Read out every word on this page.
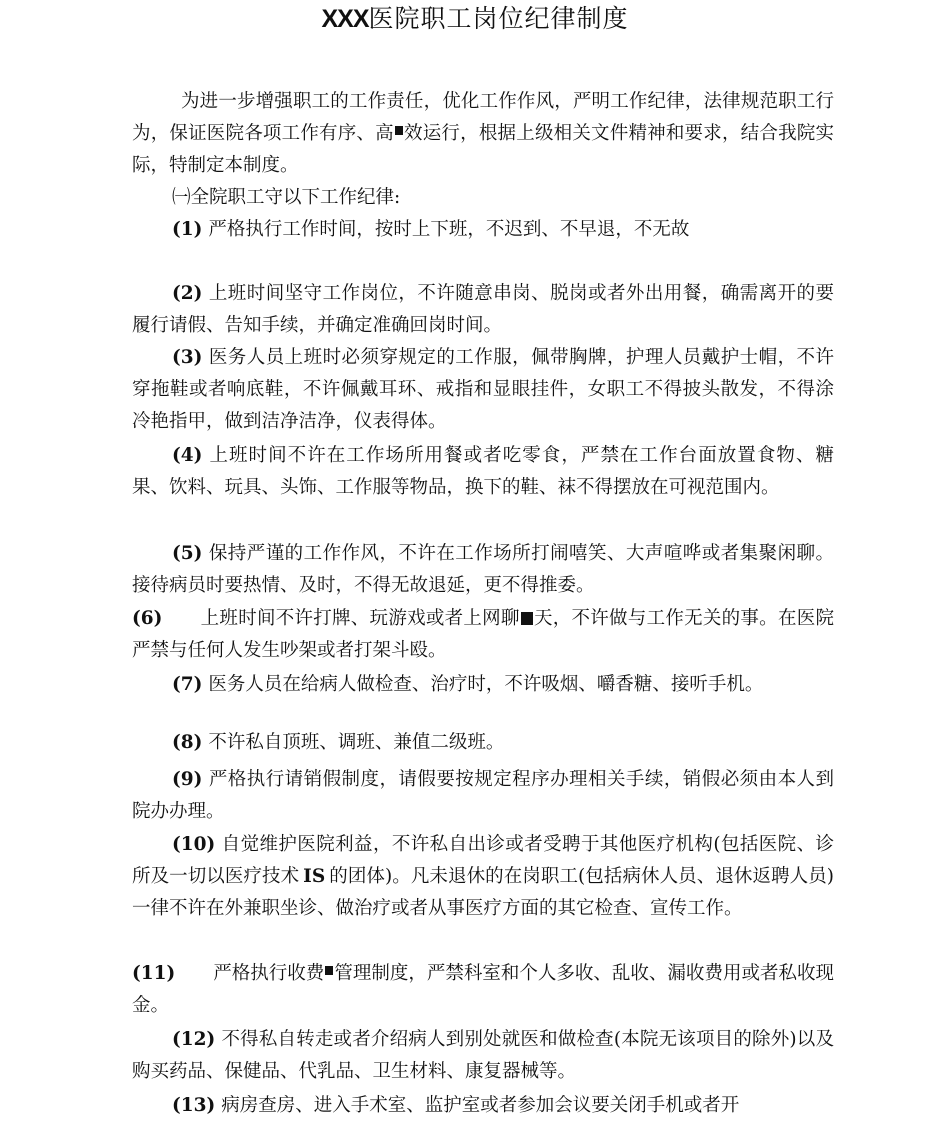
XXX医院职工岗位纪律制度
为进一步增强职工的工作责任，优化工作作风，严明工作纪律，法律规范职工行为，保证医院各项工作有序、高 效运行，根据上级相关文件精神和要求，结合我院实际，特制定本制度。
㈠全院职工守以下工作纪律:
(1) 严格执行工作时间，按时上下班，不迟到、不早退，不无故
(2) 上班时间坚守工作岗位，不许随意串岗、脱岗或者外出用餐，确需离开的要履行请假、告知手续，并确定准确回岗时间。
(3) 医务人员上班时必须穿规定的工作服，佩带胸牌，护理人员戴护士帽，不许穿拖鞋或者响底鞋，不许佩戴耳环、戒指和显眼挂件，女职工不得披头散发，不得涂冷艳指甲，做到洁净洁净，仪表得体。
(4) 上班时间不许在工作场所用餐或者吃零食，严禁在工作台面放置食物、糖果、饮料、玩具、头饰、工作服等物品，换下的鞋、袜不得摆放在可视范围内。
(5) 保持严谨的工作作风，不许在工作场所打闹嘻笑、大声喧哗或者集聚闲聊。接待病员时要热情、及时，不得无故退延，更不得推委。
(6) 上班时间不许打牌、玩游戏或者上网聊 天，不许做与工作无关的事。在医院严禁与任何人发生吵架或者打架斗殴。
(7) 医务人员在给病人做检查、治疗时，不许吸烟、嚼香糖、接听手机。
(8) 不许私自顶班、调班、兼值二级班。
(9) 严格执行请销假制度，请假要按规定程序办理相关手续，销假必须由本人到院办办理。
(10) 自觉维护医院利益，不许私自出诊或者受聘于其他医疗机构(包括医院、诊所及一切以医疗技术 IS 的团体)。凡未退休的在岗职工(包括病休人员、退休返聘人员)一律不许在外兼职坐诊、做治疗或者从事医疗方面的其它检查、宣传工作。
(11) 严格执行收费 管理制度，严禁科室和个人多收、乱收、漏收费用或者私收现金。
(12) 不得私自转走或者介绍病人到别处就医和做检查(本院无该项目的除外)以及购买药品、保健品、代乳品、卫生材料、康复器械等。
(13) 病房查房、进入手术室、监护室或者参加会议要关闭手机或者开
